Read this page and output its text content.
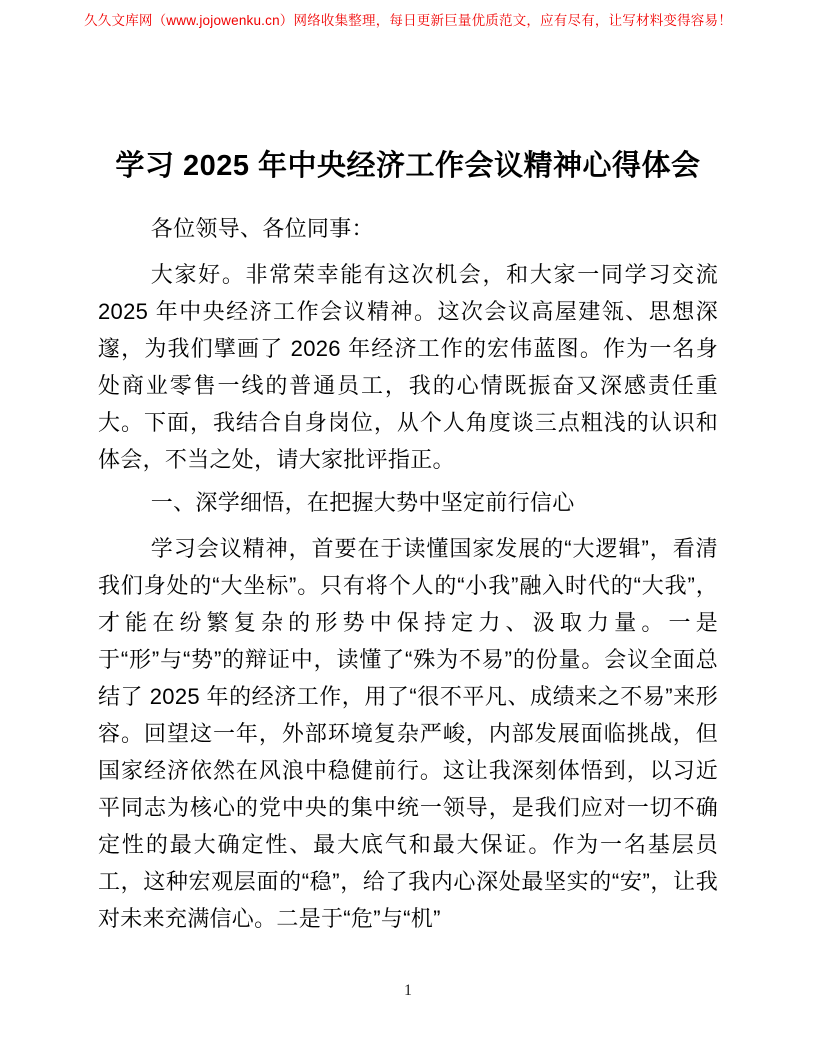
久久文库网（www.jojowenku.cn）网络收集整理，每日更新巨量优质范文，应有尽有，让写材料变得容易！
学习 2025 年中央经济工作会议精神心得体会

各位领导、各位同事：

大家好。非常荣幸能有这次机会，和大家一同学习交流 2025 年中央经济工作会议精神。这次会议高屋建瓴、思想深邃，为我们擘画了 2026 年经济工作的宏伟蓝图。作为一名身处商业零售一线的普通员工，我的心情既振奋又深感责任重大。下面，我结合自身岗位，从个人角度谈三点粗浅的认识和体会，不当之处，请大家批评指正。

一、深学细悟，在把握大势中坚定前行信心

学习会议精神，首要在于读懂国家发展的“大逻辑”，看清我们身处的“大坐标”。只有将个人的“小我”融入时代的“大我”，才能在纷繁复杂的形势中保持定力、汲取力量。一是于“形”与“势”的辩证中，读懂了“殊为不易”的份量。会议全面总结了 2025 年的经济工作，用了“很不平凡、成绩来之不易”来形容。回望这一年，外部环境复杂严峻，内部发展面临挑战，但国家经济依然在风浪中稳健前行。这让我深刻体悟到，以习近平同志为核心的党中央的集中统一领导，是我们应对一切不确定性的最大确定性、最大底气和最大保证。作为一名基层员工，这种宏观层面的“稳”，给了我内心深处最坚实的“安”，让我对未来充满信心。二是于“危”与“机”

1
